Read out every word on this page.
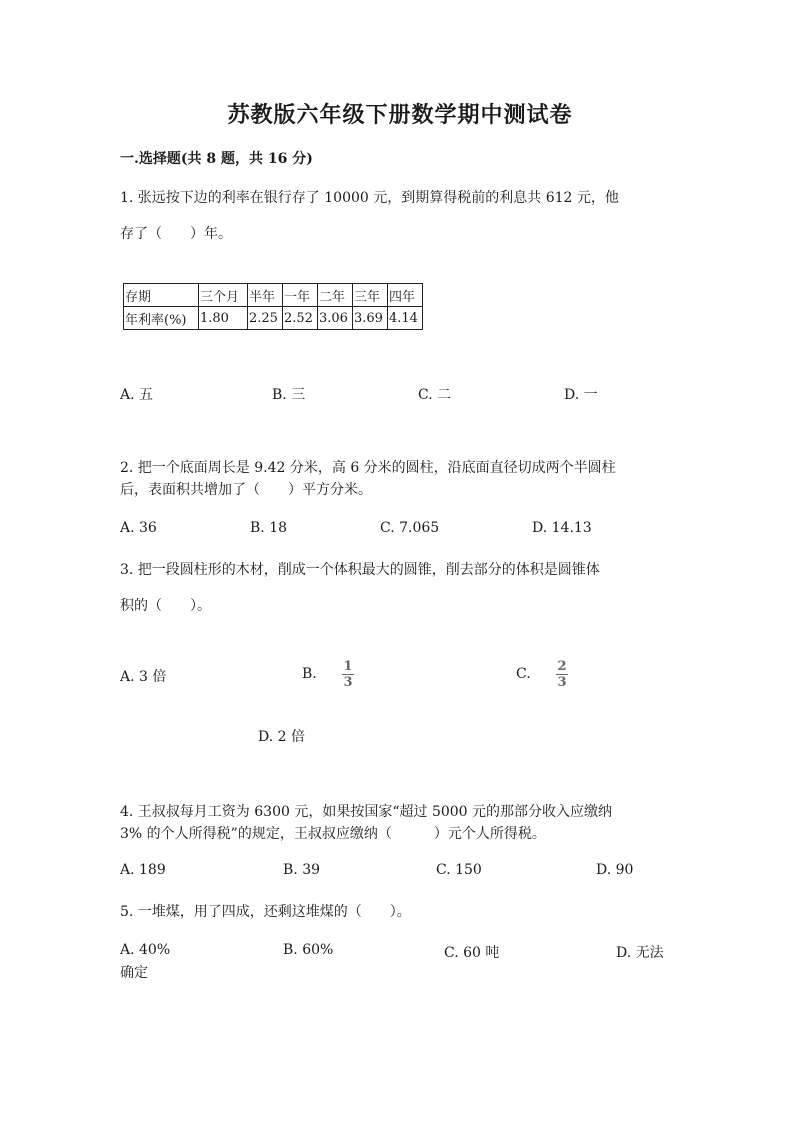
苏教版六年级下册数学期中测试卷
一.选择题(共 8 题，共 16 分)
1. 张远按下边的利率在银行存了 10000 元，到期算得税前的利息共 612 元，他
存了（　　）年。
存期	三个月	半年	一年	二年	三年	四年
年利率(%)	1.80	2.25	2.52	3.06	3.69	4.14
A. 五	B. 三	C. 二	D. 一
2. 把一个底面周长是 9.42 分米，高 6 分米的圆柱，沿底面直径切成两个半圆柱
后，表面积共增加了（　　）平方分米。
A. 36	B. 18	C. 7.065	D. 14.13
3. 把一段圆柱形的木材，削成一个体积最大的圆锥，削去部分的体积是圆锥体
积的（　　）。
A. 3 倍	B. 1
3
C. 2
3
D. 2 倍
4. 王叔叔每月工资为 6300 元，如果按国家“超过 5000 元的那部分收入应缴纳
3% 的个人所得税”的规定，王叔叔应缴纳（　　　）元个人所得税。
A. 189	B. 39	C. 150	D. 90
5. 一堆煤，用了四成，还剩这堆煤的（　　）。
A. 40%	B. 60%	C. 60 吨	D. 无法
确定
